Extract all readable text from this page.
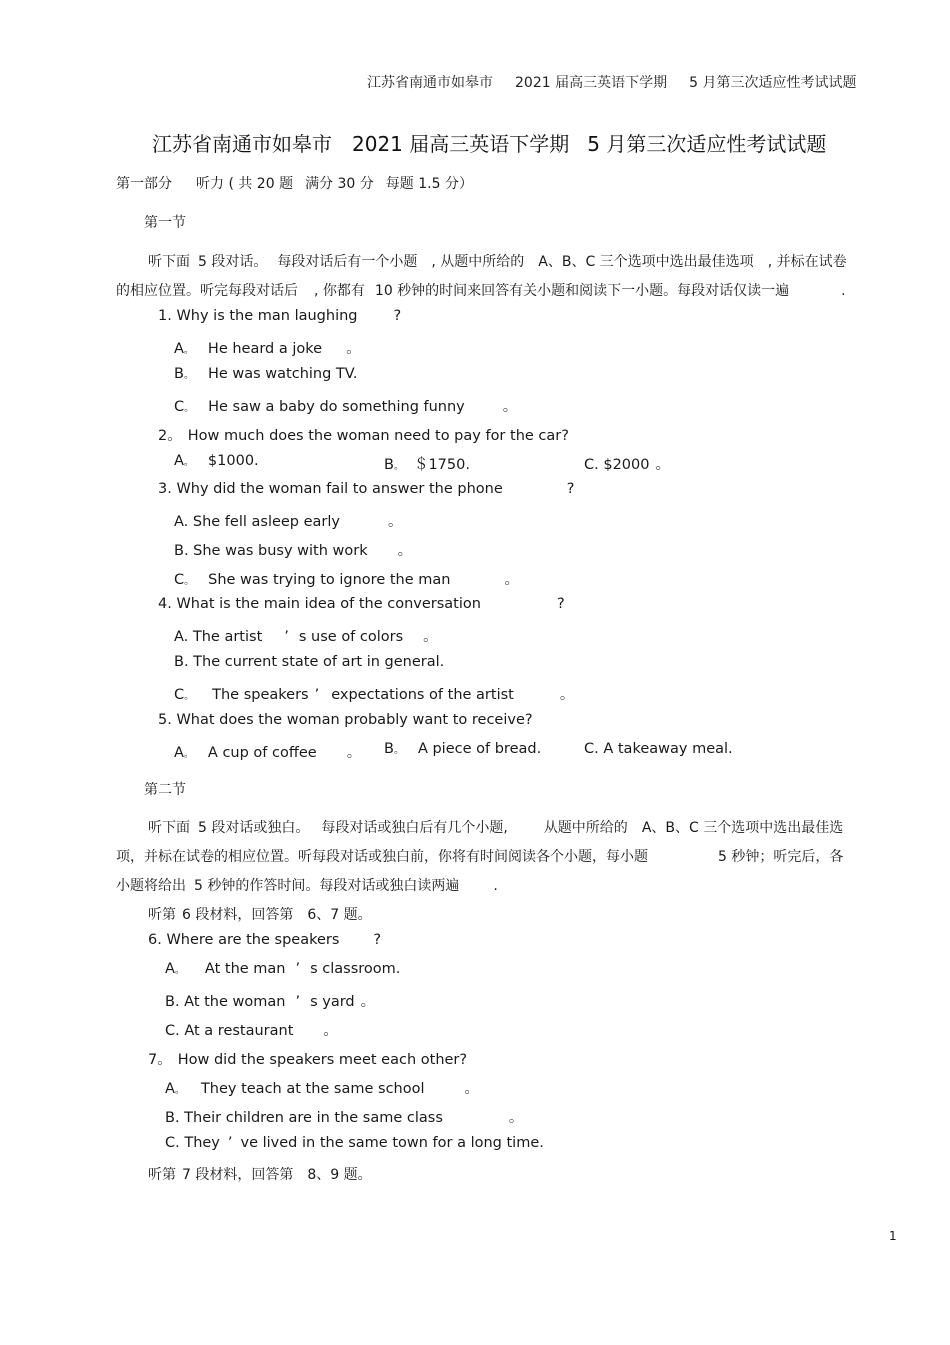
江苏省南通市如皋市 2021 届高三英语下学期 5 月第三次适应性考试试题
江苏省南通市如皋市 2021 届高三英语下学期 5 月第三次适应性考试试题
第一部分 听力 ( 共 20 题 满分 30 分 每题 1.5 分）
第一节
听下面 5 段对话。 每段对话后有一个小题 , 从题中所给的 A、B、C 三个选项中选出最佳选项 , 并标在试卷
的相应位置。听完每段对话后 , 你都有 10 秒钟的时间来回答有关小题和阅读下一小题。每段对话仅读一遍	.
1. Why is the man laughing ?
A。 He heard a joke 。
B。 He was watching TV.
C。 He saw a baby do something funny	。
2。 How much does the woman need to pay for the car?
A。 $1000.	B。 ＄1750.	C. $2000 。
3. Why did the woman fail to answer the phone	?
A. She fell asleep early	。
B. She was busy with work 。
C。 She was trying to ignore the man	。
4. What is the main idea of the conversation	?
A. The artist ’ s use of colors 。
B. The current state of art in general.
C。 The speakers ’ expectations of the artist	。
5. What does the woman probably want to receive?
A。 A cup of coffee 。 B。 A piece of bread.	C. A takeaway meal.
第二节
听下面 5 段对话或独白。 每段对话或独白后有几个小题,	从题中所给的 A、B、C 三个选项中选出最佳选
项，并标在试卷的相应位置。听每段对话或独白前，你将有时间阅读各个小题，每小题	5 秒钟；听完后，各
小题将给出 5 秒钟的作答时间。每段对话或独白读两遍 .
听第 6 段材料，回答第 6、7 题。
6. Where are the speakers ?
A。 At the man ’ s classroom.
B. At the woman ’ s yard 。
C. At a restaurant 。
7。 How did the speakers meet each other?
A。 They teach at the same school	。
B. Their children are in the same class	。
C. They ’ ve lived in the same town for a long time.
听第 7 段材料，回答第 8、9 题。
1
